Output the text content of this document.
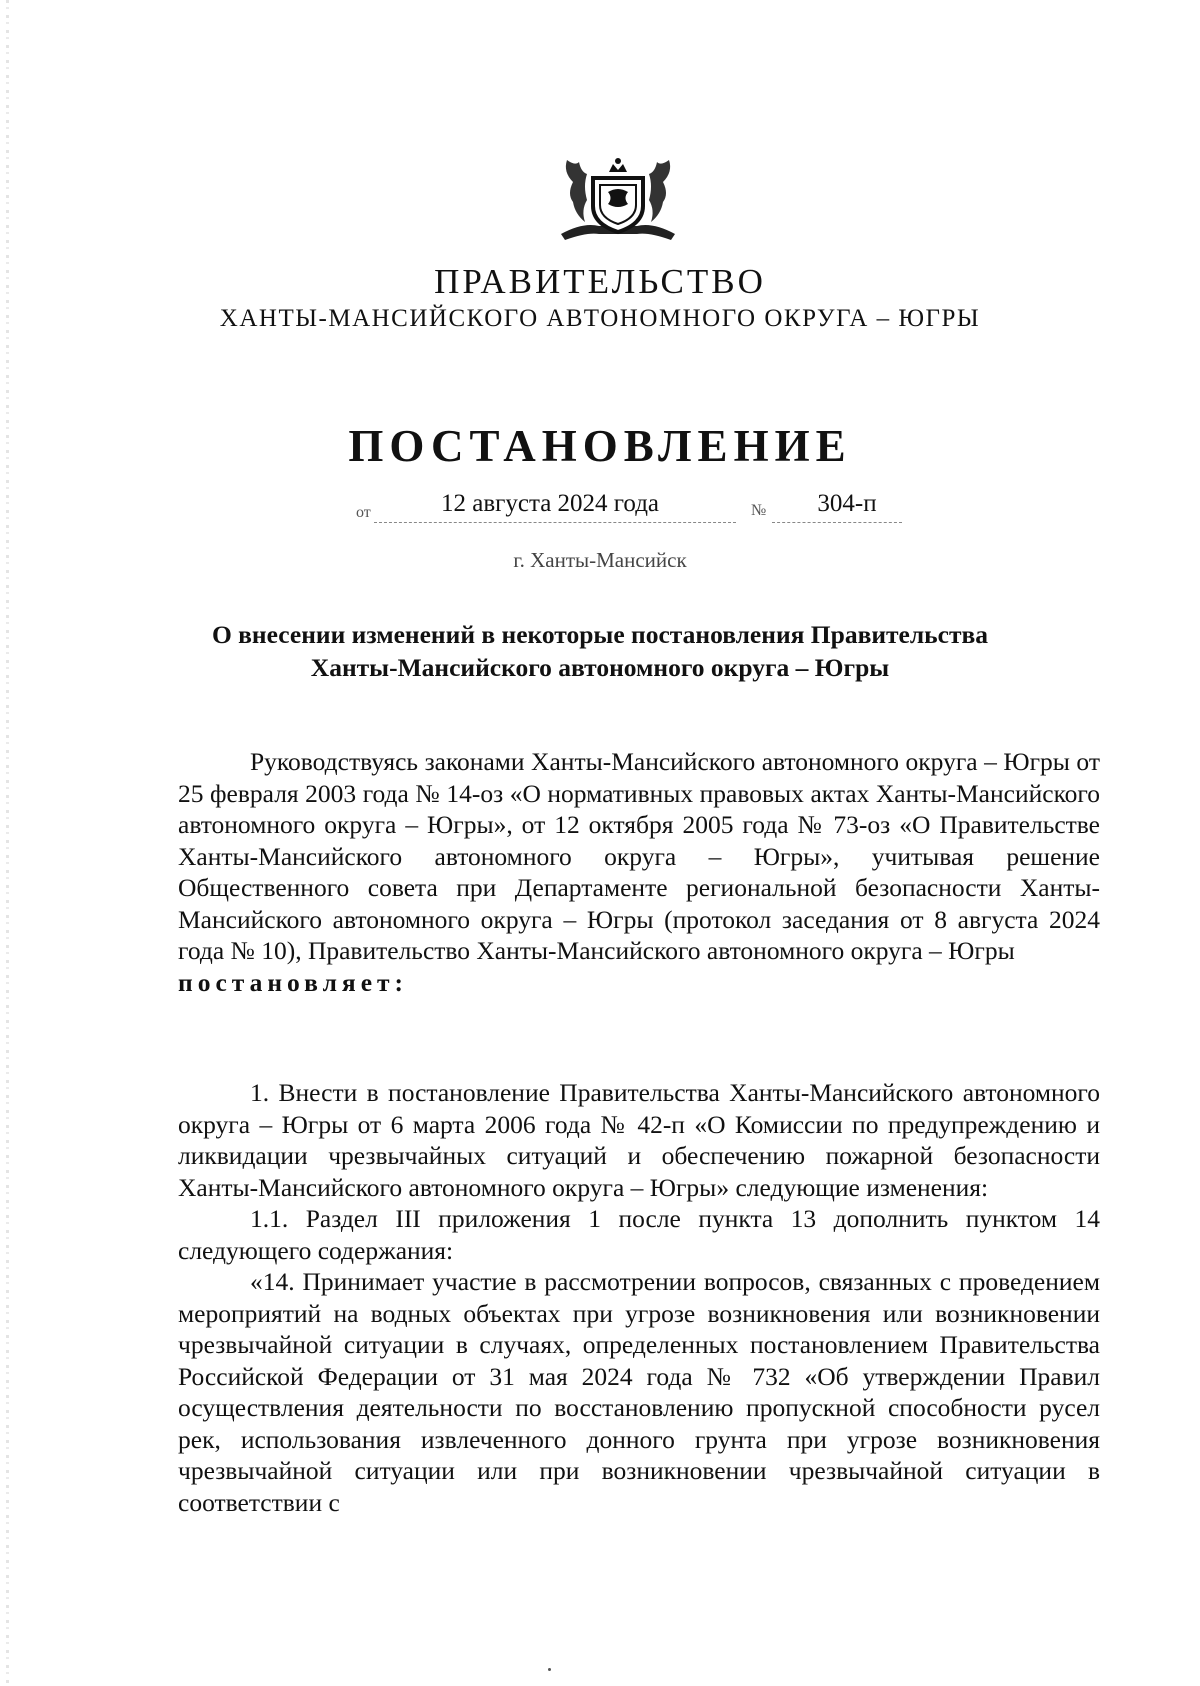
ПРАВИТЕЛЬСТВО
ХАНТЫ-МАНСИЙСКОГО АВТОНОМНОГО ОКРУГА – ЮГРЫ
ПОСТАНОВЛЕНИЕ
от	12 августа 2024 года	№	304-п
г. Ханты-Мансийск
О внесении изменений в некоторые постановления Правительства
Ханты-Мансийского автономного округа – Югры

Руководствуясь законами Ханты-Мансийского автономного округа – Югры от 25 февраля 2003 года № 14-оз «О нормативных правовых актах Ханты-Мансийского автономного округа – Югры», от 12 октября 2005 года № 73-оз «О Правительстве Ханты-Мансийского автономного округа – Югры», учитывая решение Общественного совета при Департаменте региональной безопасности Ханты-Мансийского автономного округа – Югры (протокол заседания от 8 августа 2024 года № 10), Правительство Ханты-Мансийского автономного округа – Югры
постановляет:

1. Внести в постановление Правительства Ханты-Мансийского автономного округа – Югры от 6 марта 2006 года № 42-п «О Комиссии по предупреждению и ликвидации чрезвычайных ситуаций и обеспечению пожарной безопасности Ханты-Мансийского автономного округа – Югры» следующие изменения:

1.1. Раздел III приложения 1 после пункта 13 дополнить пунктом 14 следующего содержания:

«14. Принимает участие в рассмотрении вопросов, связанных с проведением мероприятий на водных объектах при угрозе возникновения или возникновении чрезвычайной ситуации в случаях, определенных постановлением Правительства Российской Федерации от 31 мая 2024 года № 732 «Об утверждении Правил осуществления деятельности по восстановлению пропускной способности русел рек, использования извлеченного донного грунта при угрозе возникновения чрезвычайной ситуации или при возникновении чрезвычайной ситуации в соответствии с
